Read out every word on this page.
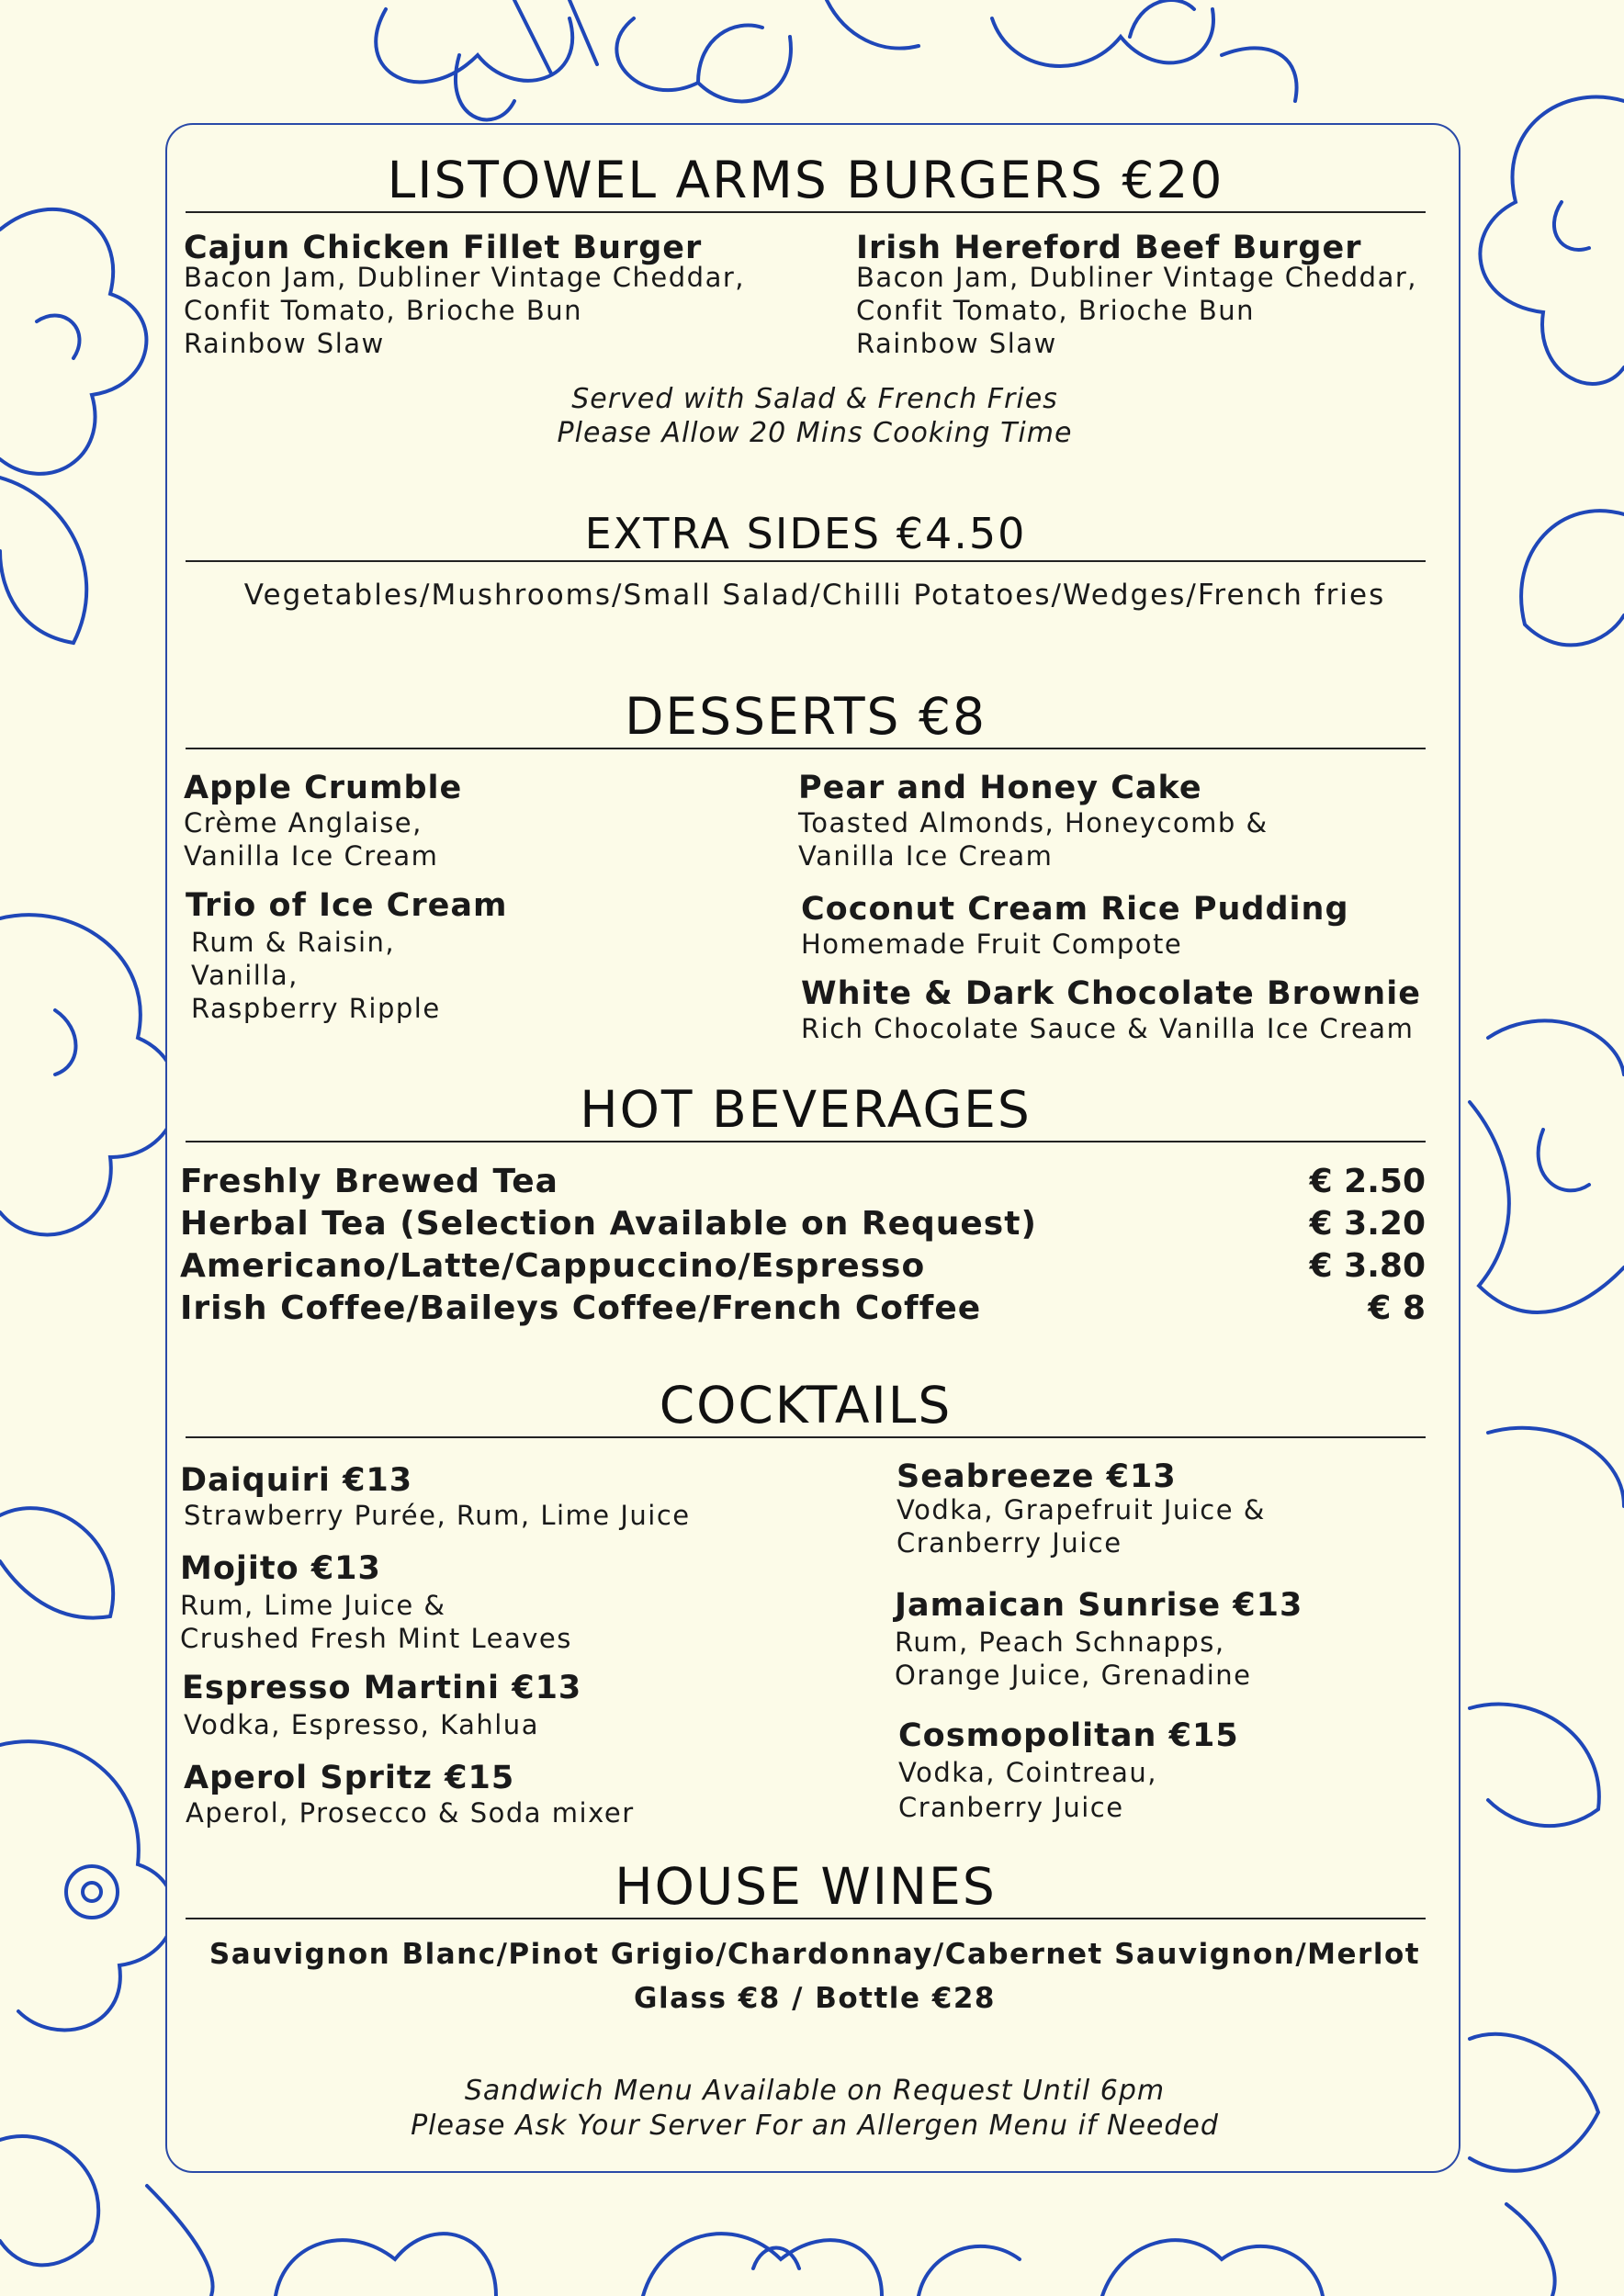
LISTOWEL ARMS BURGERS €20
Cajun Chicken Fillet Burger
Bacon Jam, Dubliner Vintage Cheddar,
Confit Tomato, Brioche Bun
Rainbow Slaw
Irish Hereford Beef Burger
Bacon Jam, Dubliner Vintage Cheddar,
Confit Tomato, Brioche Bun
Rainbow Slaw
Served with Salad & French Fries
Please Allow 20 Mins Cooking Time
EXTRA SIDES €4.50
Vegetables/Mushrooms/Small Salad/Chilli Potatoes/Wedges/French fries
DESSERTS €8
Apple Crumble
Crème Anglaise,
Vanilla Ice Cream
Trio of Ice Cream
Rum & Raisin,
Vanilla,
Raspberry Ripple
Pear and Honey Cake
Toasted Almonds, Honeycomb &
Vanilla Ice Cream
Coconut Cream Rice Pudding
Homemade Fruit Compote
White & Dark Chocolate Brownie
Rich Chocolate Sauce & Vanilla Ice Cream
HOT BEVERAGES
Freshly Brewed Tea	€ 2.50
Herbal Tea (Selection Available on Request)	€ 3.20
Americano/Latte/Cappuccino/Espresso	€ 3.80
Irish Coffee/Baileys Coffee/French Coffee	€ 8
COCKTAILS
Daiquiri €13
Strawberry Purée, Rum, Lime Juice
Mojito €13
Rum, Lime Juice &
Crushed Fresh Mint Leaves
Espresso Martini €13
Vodka, Espresso, Kahlua
Aperol Spritz €15
Aperol, Prosecco & Soda mixer
Seabreeze €13
Vodka, Grapefruit Juice &
Cranberry Juice
Jamaican Sunrise €13
Rum, Peach Schnapps,
Orange Juice, Grenadine
Cosmopolitan €15
Vodka, Cointreau,
Cranberry Juice
HOUSE WINES
Sauvignon Blanc/Pinot Grigio/Chardonnay/Cabernet Sauvignon/Merlot
Glass €8 / Bottle €28
Sandwich Menu Available on Request Until 6pm
Please Ask Your Server For an Allergen Menu if Needed
